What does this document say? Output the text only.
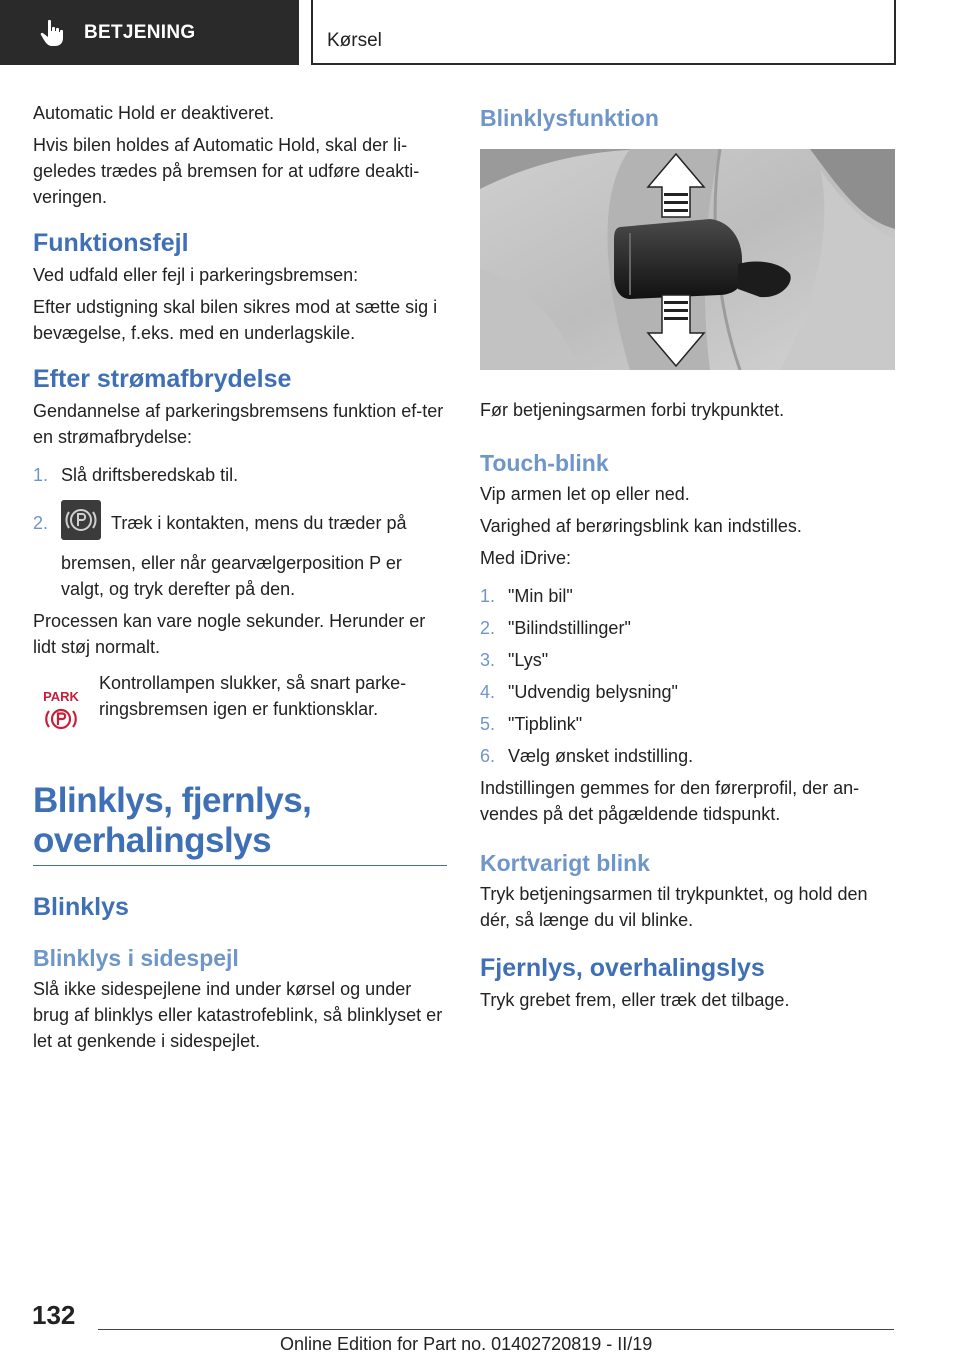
BETJENING	Kørsel

Automatic Hold er deaktiveret.

Hvis bilen holdes af Automatic Hold, skal der li-geledes trædes på bremsen for at udføre deakti-veringen.

Funktionsfejl

Ved udfald eller fejl i parkeringsbremsen:

Efter udstigning skal bilen sikres mod at sætte sig i bevægelse, f.eks. med en underlagskile.

Efter strømafbrydelse

Gendannelse af parkeringsbremsens funktion ef-ter en strømafbrydelse:

1. Slå driftsberedskab til.
2.	Træk i kontakten, mens du træder på bremsen, eller når gearvælgerposition P er valgt, og tryk derefter på den.

Processen kan vare nogle sekunder. Herunder er lidt støj normalt.

PARK

Kontrollampen slukker, så snart parke-ringsbremsen igen er funktionsklar.

Blinklys, fjernlys, overhalingslys
Blinklys
Blinklys i sidespejl

Slå ikke sidespejlene ind under kørsel og under brug af blinklys eller katastrofeblink, så blinklyset er let at genkende i sidespejlet.

Blinklysfunktion

Før betjeningsarmen forbi trykpunktet.

Touch-blink

Vip armen let op eller ned.

Varighed af berøringsblink kan indstilles.

Med iDrive:

1. "Min bil"
2. "Bilindstillinger"
3. "Lys"
4. "Udvendig belysning"
5. "Tipblink"
6. Vælg ønsket indstilling.

Indstillingen gemmes for den førerprofil, der an-vendes på det pågældende tidspunkt.

Kortvarigt blink

Tryk betjeningsarmen til trykpunktet, og hold den dér, så længe du vil blinke.

Fjernlys, overhalingslys

Tryk grebet frem, eller træk det tilbage.

132
Online Edition for Part no. 01402720819 - II/19
